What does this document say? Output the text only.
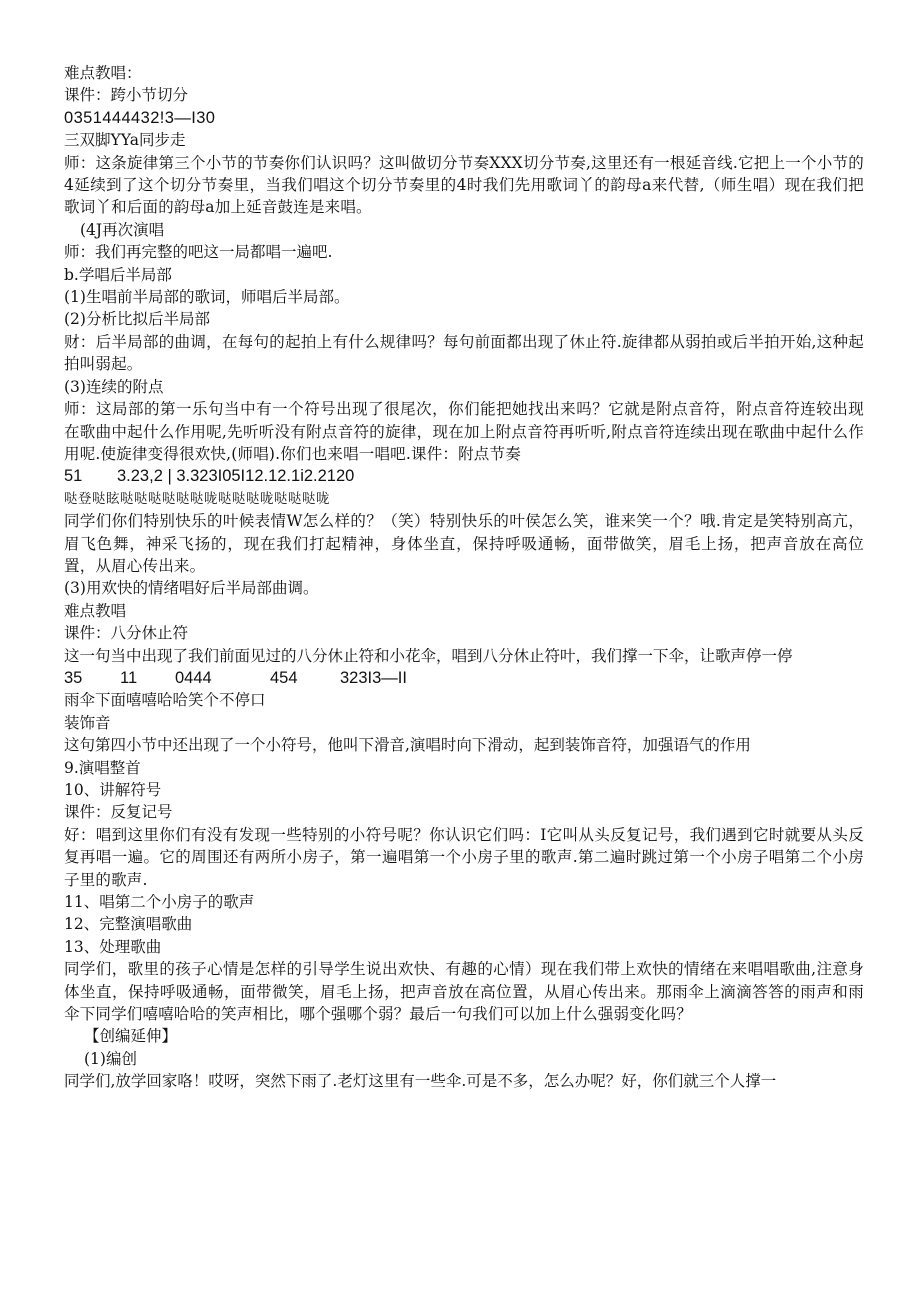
难点教唱：
课件：跨小节切分
0351444432!3—I30
三双脚YYa同步走
师：这条旋律第三个小节的节奏你们认识吗？这叫做切分节奏XXX切分节奏,这里还有一根延音线.它把上一个小节的4延续到了这个切分节奏里，当我们唱这个切分节奏里的4时我们先用歌词丫的韵母a来代替,（师生唱）现在我们把歌词丫和后面的韵母a加上延音鼓连是来唱。
(4J再次演唱
师：我们再完整的吧这一局都唱一遍吧.
b.学唱后半局部
(1)生唱前半局部的歌词，师唱后半局部。
(2)分析比拟后半局部
财：后半局部的曲调，在每句的起拍上有什么规律吗？每句前面都出现了休止符.旋律都从弱拍或后半拍开始,这种起拍叫弱起。
(3)连续的附点
师：这局部的第一乐句当中有一个符号出现了很尾次，你们能把她找出来吗？它就是附点音符，附点音符连较出现在歌曲中起什么作用呢,先听听没有附点音符的旋律，现在加上附点音符再听听,附点音符连续出现在歌曲中起什么作用呢.使旋律变得很欢快,(师唱).你们也来唱一唱吧.课件：附点节奏
51	3.23,2 | 3.323I05I12.12.1i2.2120
哒登哒眩哒哒哒哒哒哒咙哒哒哒咙哒哒哒咙
同学们你们特别快乐的叶候表情W怎么样的？（笑）特别快乐的叶侯怎么笑，谁来笑一个？哦.肯定是笑特别高亢，眉飞色舞，神采飞扬的，现在我们打起精神，身体坐直，保持呼吸通畅，面带做笑，眉毛上扬，把声音放在高位置，从眉心传出来。
(3)用欢快的情绪唱好后半局部曲调。
难点教唱
课件：八分休止符
这一句当中出现了我们前面见过的八分休止符和小花伞，唱到八分休止符叶，我们撑一下伞，让歌声停一停
35	11	0444	454	323I3—II
雨伞下面嘻嘻哈哈笑个不停口
装饰音
这句第四小节中还出现了一个小符号，他叫下滑音,演唱时向下滑动，起到装饰音符，加强语气的作用
9.演唱整首
10、讲解符号
课件：反复记号
好：唱到这里你们有没有发现一些特别的小符号呢？你认识它们吗：I它叫从头反复记号，我们遇到它时就要从头反复再唱一遍。它的周围还有两所小房子，第一遍唱第一个小房子里的歌声.第二遍时跳过第一个小房子唱第二个小房子里的歌声.
11、唱第二个小房子的歌声
12、完整演唱歌曲
13、处理歌曲
同学们，歌里的孩子心情是怎样的引导学生说出欢快、有趣的心情）现在我们带上欢快的情绪在来唱唱歌曲,注意身体坐直，保持呼吸通畅，面带微笑，眉毛上扬，把声音放在高位置，从眉心传出来。那雨伞上滴滴答答的雨声和雨伞下同学们嘻嘻哈哈的笑声相比，哪个强哪个弱？最后一句我们可以加上什么强弱变化吗？
【创编延伸】
(1)编创
同学们,放学回家咯！哎呀，突然下雨了.老灯这里有一些伞.可是不多，怎么办呢？好，你们就三个人撑一
